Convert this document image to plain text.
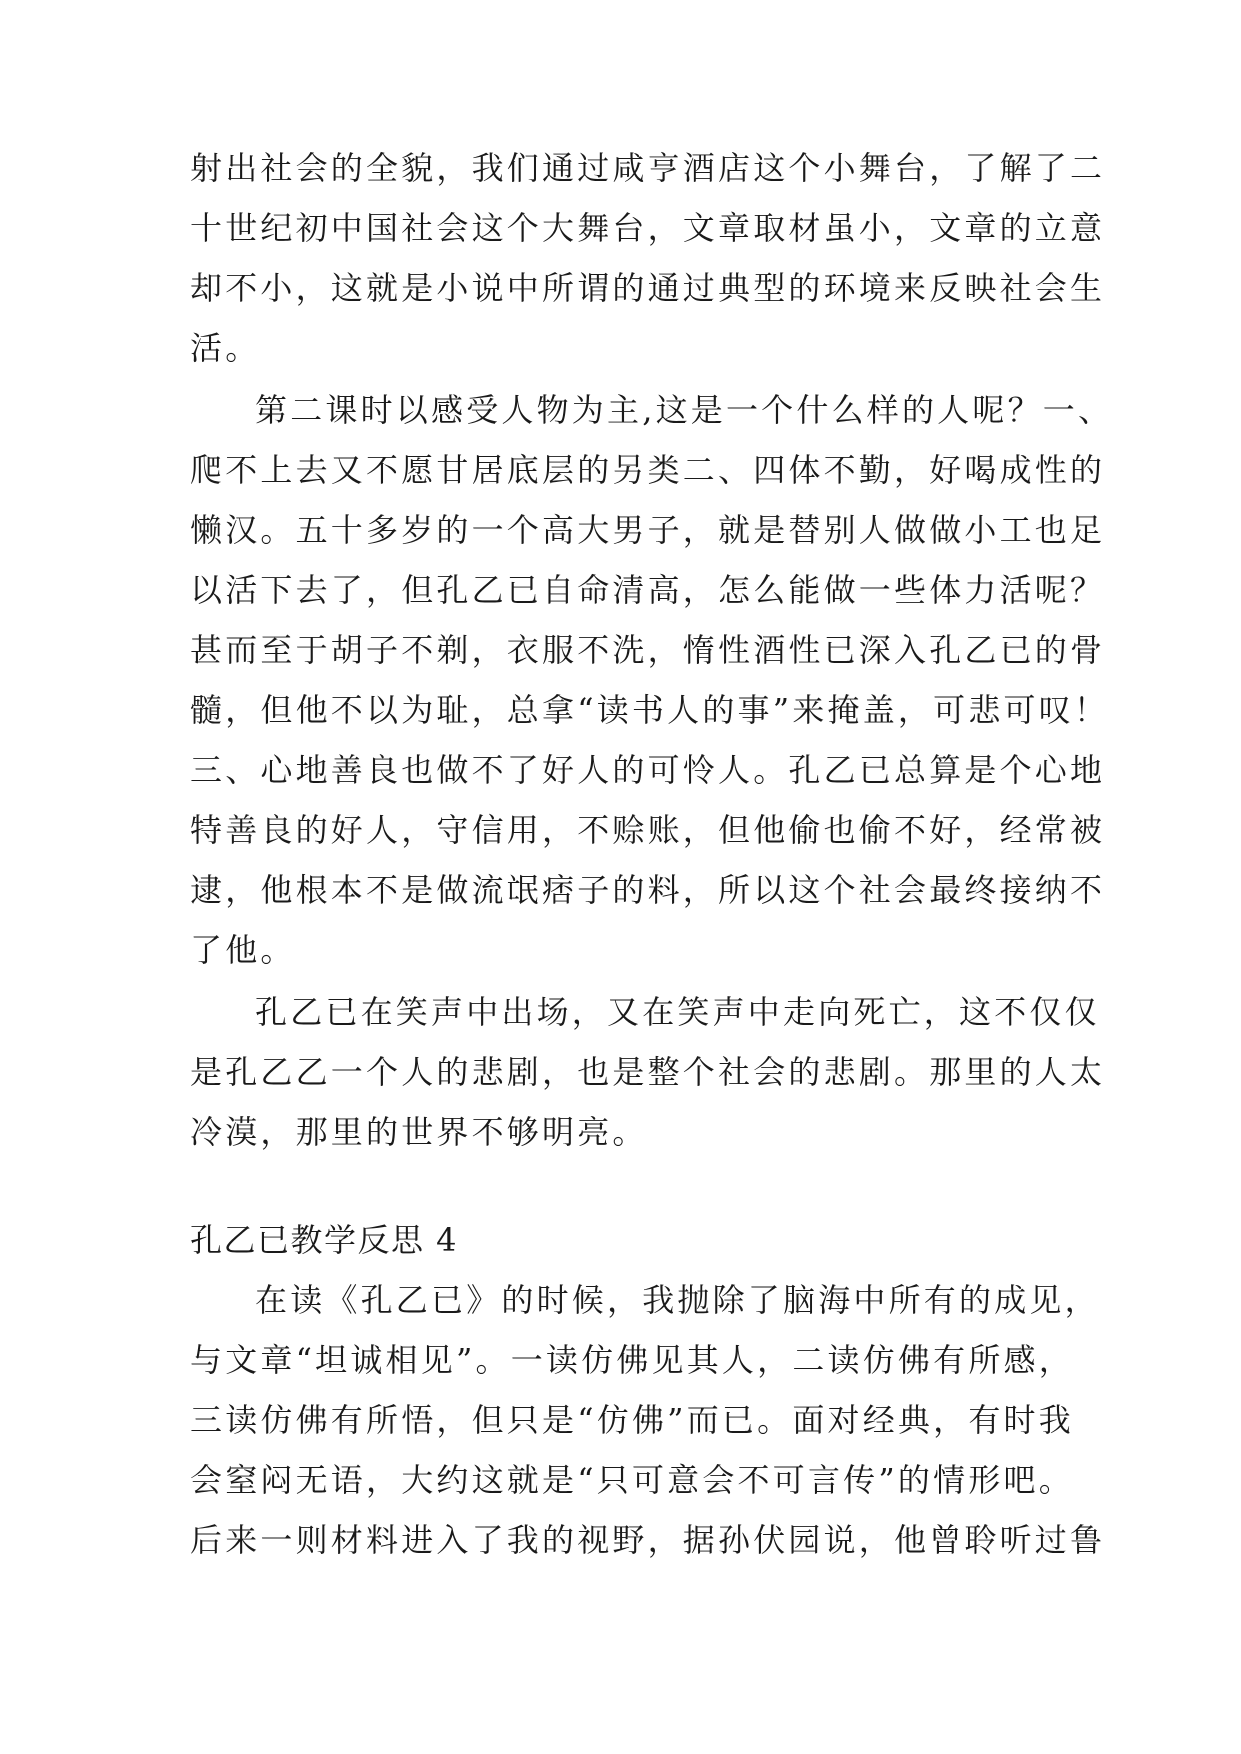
射出社会的全貌，我们通过咸亨酒店这个小舞台，了解了二
十世纪初中国社会这个大舞台，文章取材虽小，文章的立意
却不小，这就是小说中所谓的通过典型的环境来反映社会生
活。
第二课时以感受人物为主,这是一个什么样的人呢？一、
爬不上去又不愿甘居底层的另类二、四体不勤，好喝成性的
懒汉。五十多岁的一个高大男子，就是替别人做做小工也足
以活下去了，但孔乙已自命清高，怎么能做一些体力活呢？
甚而至于胡子不剃，衣服不洗，惰性酒性已深入孔乙已的骨
髓，但他不以为耻，总拿“读书人的事”来掩盖，可悲可叹！
三、心地善良也做不了好人的可怜人。孔乙已总算是个心地
特善良的好人，守信用，不赊账，但他偷也偷不好，经常被
逮，他根本不是做流氓痞子的料，所以这个社会最终接纳不
了他。
孔乙已在笑声中出场，又在笑声中走向死亡，这不仅仅
是孔乙乙一个人的悲剧，也是整个社会的悲剧。那里的人太
冷漠，那里的世界不够明亮。
孔乙已教学反思 4
在读《孔乙已》的时候，我抛除了脑海中所有的成见，
与文章“坦诚相见”。一读仿佛见其人，二读仿佛有所感，
三读仿佛有所悟，但只是“仿佛”而已。面对经典，有时我
会窒闷无语，大约这就是“只可意会不可言传”的情形吧。
后来一则材料进入了我的视野，据孙伏园说，他曾聆听过鲁
